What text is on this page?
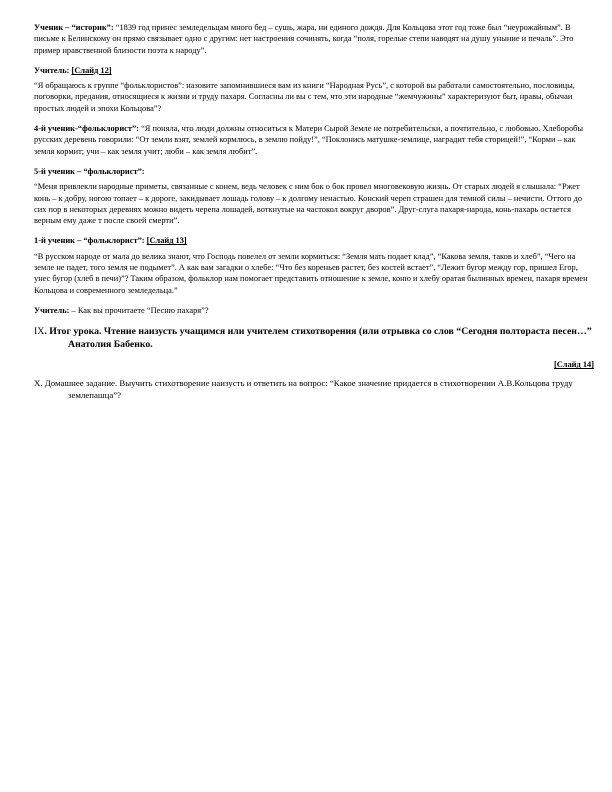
Ученик – “историк”: “1839 год принес земледельцам много бед – сушь, жара, ни единого дождя. Для Кольцова этот год тоже был “неурожайным”. В письме к Белинскому он прямо связывает одно с другим: нет настроения сочинять, когда “поля, горелые степи наводят на душу уныние и печаль”. Это пример нравственной близости поэта к народу”.

Учитель: [Слайд 12]

“Я обращаюсь к группе “фольклористов”: назовите запомнившиеся вам из книги “Народная Русь”, с которой вы работали самостоятельно, пословицы, поговорки, предания, относящиеся к жизни и труду пахаря. Согласны ли вы с тем, что эти народные “жемчужины” характеризуют быт, нравы, обычаи простых людей и эпохи Кольцова”?

4-й ученик-“фольклорист”: “Я поняла, что люди должны относиться к Матери Сырой Земле не потребительски, а почтительно, с любовью. Хлеборобы русских деревень говорили: “От земли взят, землей кормлюсь, в землю пойду!”, “Поклонись матушке-землице, наградит тебя сторицей!”, “Корми – как земля кормит; учи – как земля учит; люби – как земля любит”.

5-й ученик – “фольклорист”:

“Меня привлекли народные приметы, связанные с конем, ведь человек с ним бок о бок провел многовековую жизнь. От старых людей я слышала: “Ржет конь – к добру, ногою топает – к дороге, закидывает лошадь голову – к долгому ненастью. Конский череп страшен для темной силы – нечисти. Оттого до сих пор в некоторых деревнях можно видеть черепа лошадей, воткнутые на частокол вокруг дворов”. Друг-слуга пахаря-народа, конь-пахарь остается верным ему даже т после своей смерти”.

1-й ученик – “фольклорист”: [Слайд 13]

“В русском народе от мала до велика знают, что Господь повелел от земли кормиться: “Земля мать подает клад”, “Какова земля, таков и хлеб”, “Чего на земле не падет, того земля не подымет”. А как вам загадки о хлебе: “Что без кореньев растет, без костей встает”, “Лежит бугор между гор, пришел Егор, унес бугор (хлеб в печи)”? Таким образом, фольклор нам помогает представить отношение к земле, коню и хлебу оратая былинных времен, пахаря времен Кольцова и современного земледельца.”

Учитель: – Как вы прочитаете “Песню пахаря”?

IX. Итог урока. Чтение наизусть учащимся или учителем стихотворения (или отрывка со слов “Сегодня полтораста песен…” Анатолия Бабенко.

[Слайд 14]

X. Домашнее задание. Выучить стихотворение наизусть и ответить на вопрос: “Какое значение придается в стихотворении А.В.Кольцова труду землепашца”?
